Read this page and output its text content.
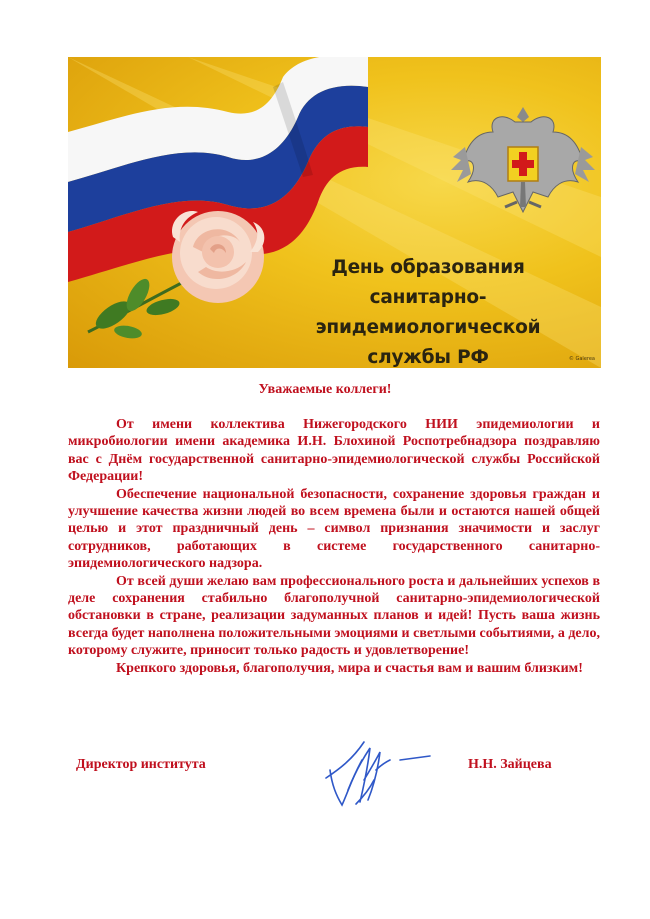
День образования
санитарно-эпидемиологической
службы РФ	© Galerea
Уважаемые коллеги!

От имени коллектива Нижегородского НИИ эпидемиологии и микробиологии имени академика И.Н. Блохиной Роспотребнадзора поздравляю вас с Днём государственной санитарно-эпидемиологической службы Российской Федерации!

Обеспечение национальной безопасности, сохранение здоровья граждан и улучшение качества жизни людей во всем времена были и остаются нашей общей целью и этот праздничный день – символ признания значимости и заслуг сотрудников, работающих в системе государственного санитарно-эпидемиологического надзора.

От всей души желаю вам профессионального роста и дальнейших успехов в деле сохранения стабильно благополучной санитарно-эпидемиологической обстановки в стране, реализации задуманных планов и идей! Пусть ваша жизнь всегда будет наполнена положительными эмоциями и светлыми событиями, а дело, которому служите, приносит только радость и удовлетворение!

Крепкого здоровья, благополучия, мира и счастья вам и вашим близким!

Директор института	Н.Н. Зайцева
